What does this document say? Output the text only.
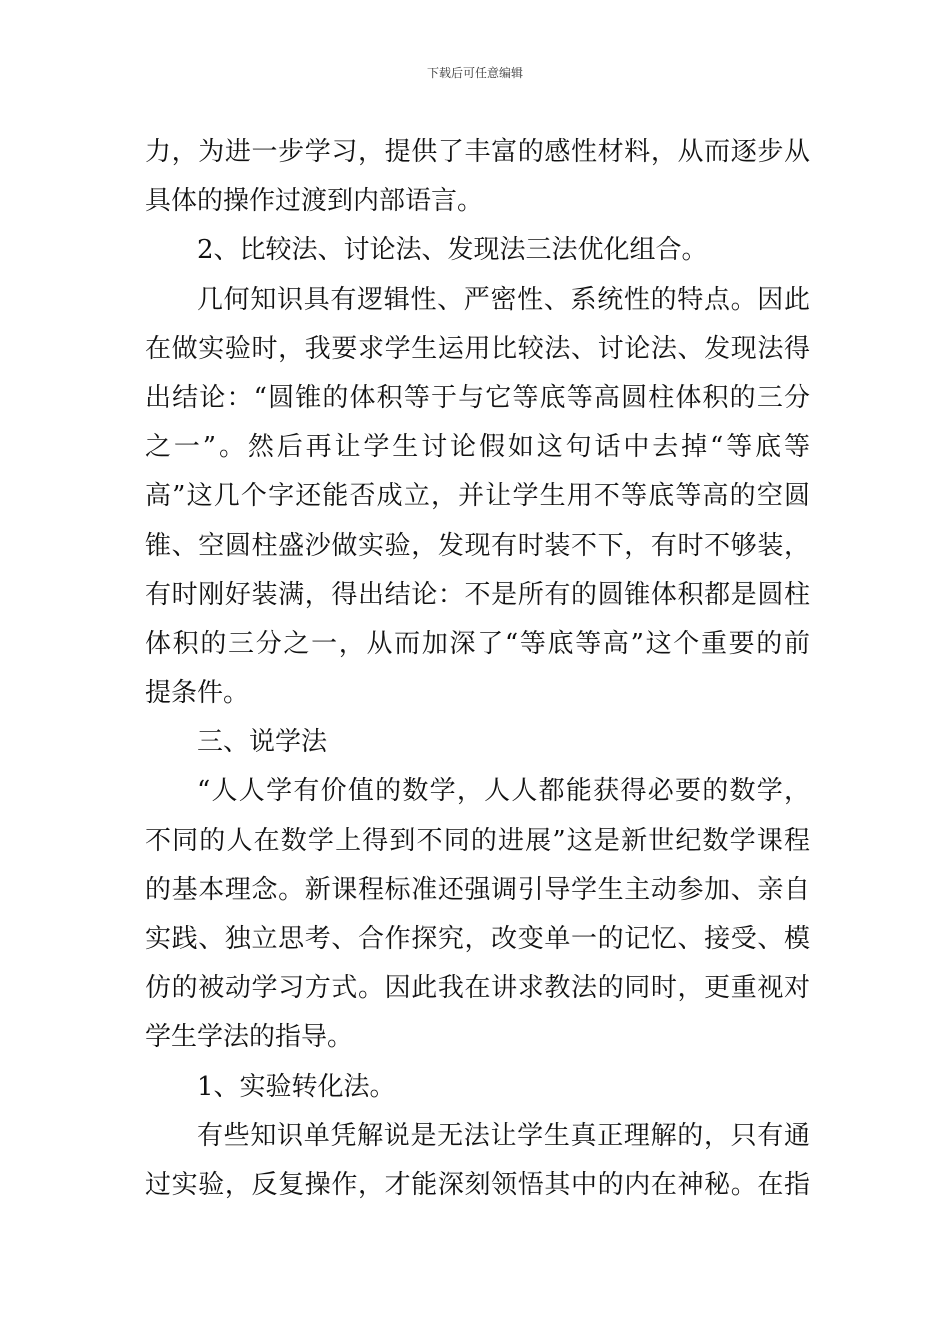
下载后可任意编辑
力，为进一步学习，提供了丰富的感性材料，从而逐步从
具体的操作过渡到内部语言。
2、比较法、讨论法、发现法三法优化组合。
几何知识具有逻辑性、严密性、系统性的特点。因此
在做实验时，我要求学生运用比较法、讨论法、发现法得
出结论：“圆锥的体积等于与它等底等高圆柱体积的三分
之一”。然后再让学生讨论假如这句话中去掉“等底等
高”这几个字还能否成立，并让学生用不等底等高的空圆
锥、空圆柱盛沙做实验，发现有时装不下，有时不够装，
有时刚好装满，得出结论：不是所有的圆锥体积都是圆柱
体积的三分之一，从而加深了“等底等高”这个重要的前
提条件。
三、说学法
“人人学有价值的数学，人人都能获得必要的数学，
不同的人在数学上得到不同的进展”这是新世纪数学课程
的基本理念。新课程标准还强调引导学生主动参加、亲自
实践、独立思考、合作探究，改变单一的记忆、接受、模
仿的被动学习方式。因此我在讲求教法的同时，更重视对
学生学法的指导。
1、实验转化法。
有些知识单凭解说是无法让学生真正理解的，只有通
过实验，反复操作，才能深刻领悟其中的内在神秘。在指
